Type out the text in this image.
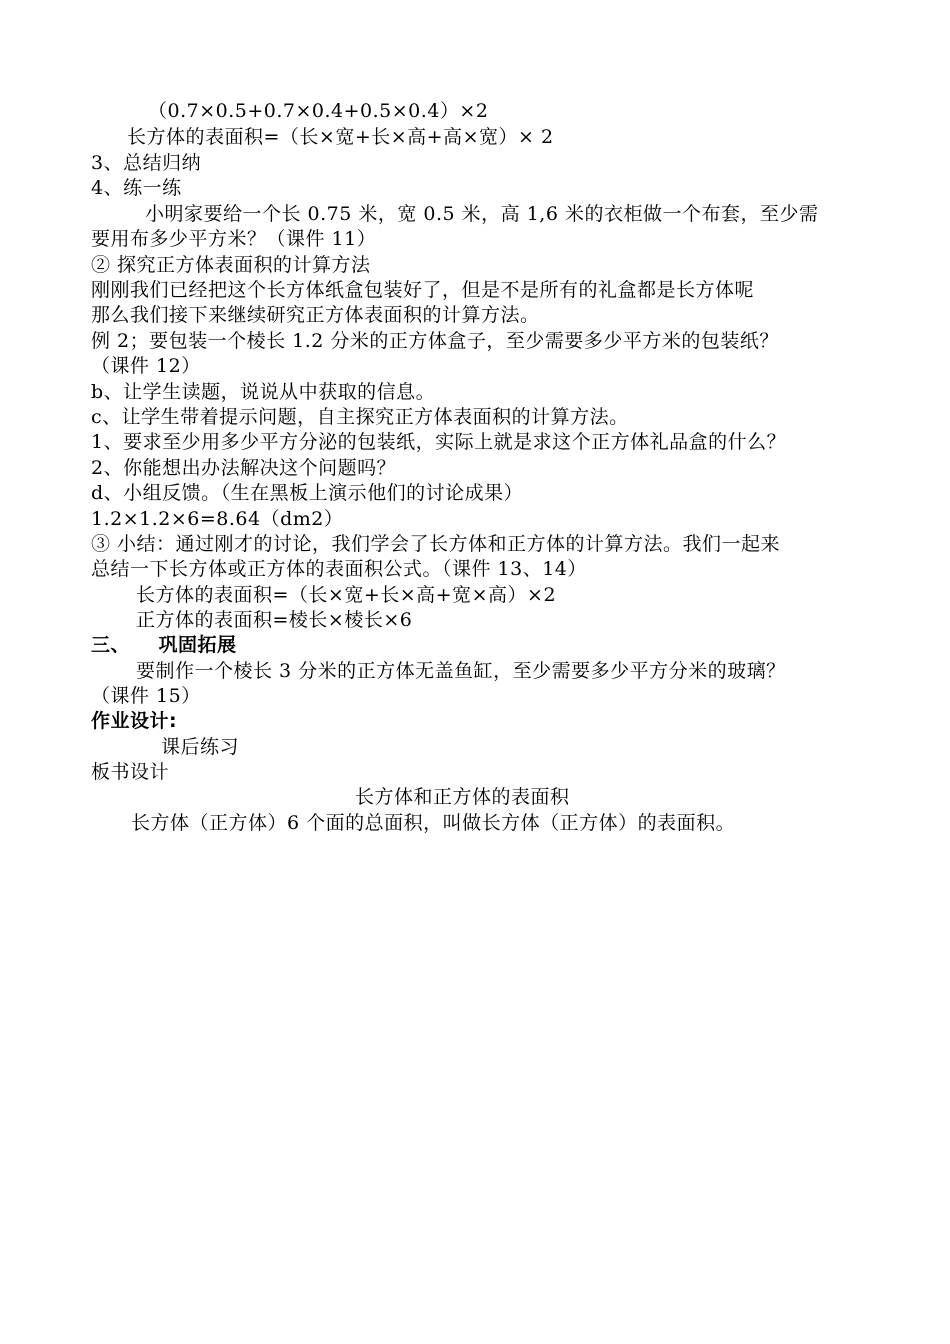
（0.7×0.5+0.7×0.4+0.5×0.4）×2
长方体的表面积=（长×宽+长×高+高×宽）× 2
3、总结归纳
4、练一练
小明家要给一个长 0.75 米，宽 0.5 米，高 1,6 米的衣柜做一个布套，至少需
要用布多少平方米？（课件 11）
② 探究正方体表面积的计算方法
刚刚我们已经把这个长方体纸盒包装好了，但是不是所有的礼盒都是长方体呢
那么我们接下来继续研究正方体表面积的计算方法。
例 2；要包装一个棱长 1.2 分米的正方体盒子，至少需要多少平方米的包装纸？
（课件 12）
b、让学生读题，说说从中获取的信息。
c、让学生带着提示问题，自主探究正方体表面积的计算方法。
1、要求至少用多少平方分泌的包装纸，实际上就是求这个正方体礼品盒的什么？
2、你能想出办法解决这个问题吗？
d、小组反馈。（生在黑板上演示他们的讨论成果）
1.2×1.2×6=8.64（dm2）
③ 小结：通过刚才的讨论，我们学会了长方体和正方体的计算方法。我们一起来
总结一下长方体或正方体的表面积公式。（课件 13、14）
长方体的表面积=（长×宽+长×高+宽×高）×2
正方体的表面积=棱长×棱长×6
三、    巩固拓展
要制作一个棱长 3 分米的正方体无盖鱼缸，至少需要多少平方分米的玻璃？
（课件 15）
作业设计:
课后练习
板书设计
长方体和正方体的表面积
长方体（正方体）6 个面的总面积，叫做长方体（正方体）的表面积。
